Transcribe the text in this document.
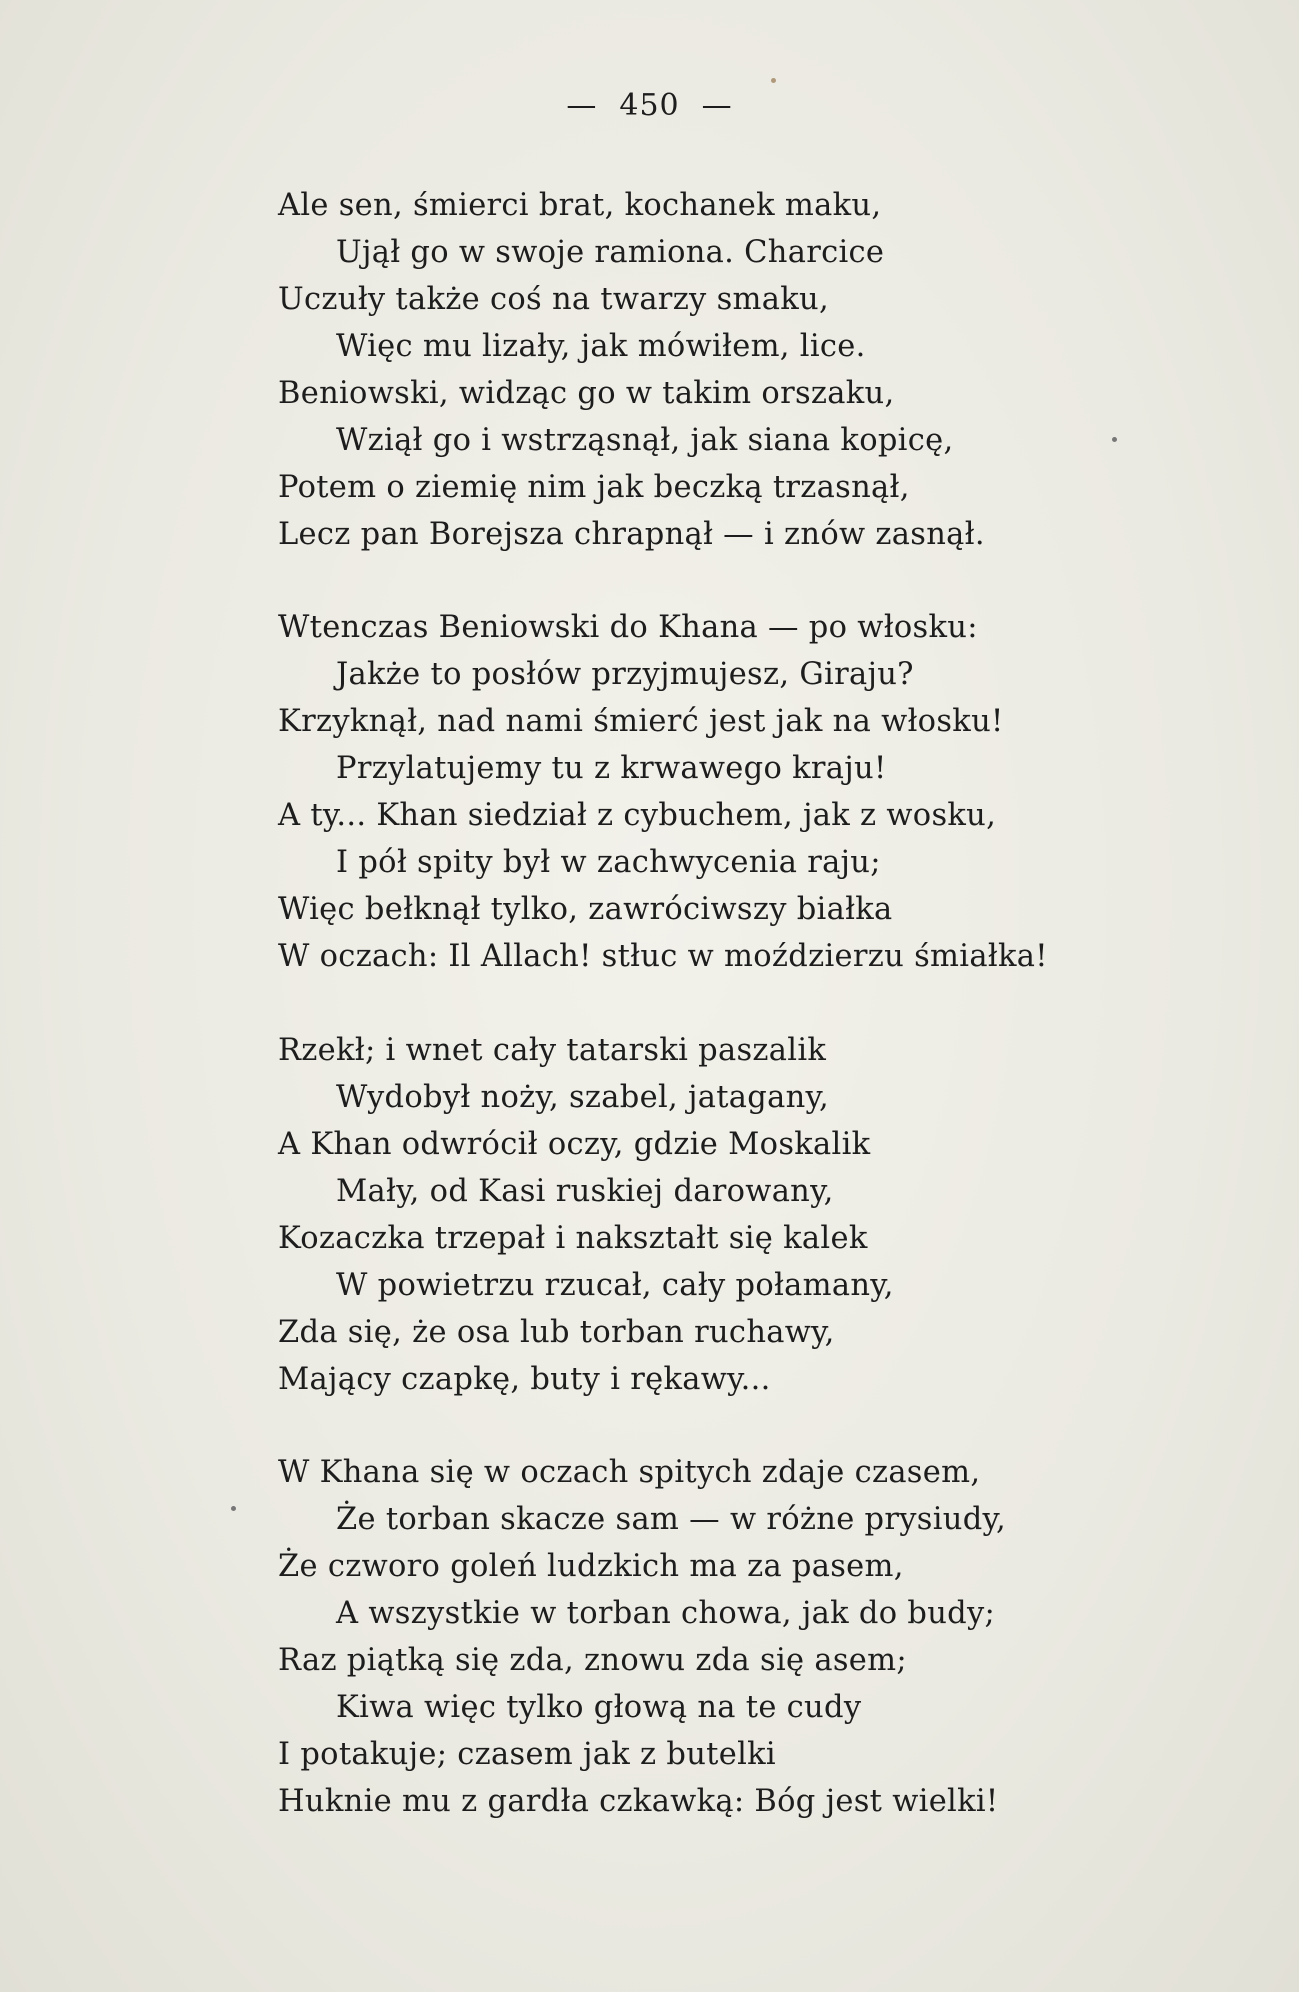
— 450 —
Ale sen, śmierci brat, kochanek maku,
Ujął go w swoje ramiona. Charcice
Uczuły także coś na twarzy smaku,
Więc mu lizały, jak mówiłem, lice.
Beniowski, widząc go w takim orszaku,
Wziął go i wstrząsnął, jak siana kopicę,
Potem o ziemię nim jak beczką trzasnął,
Lecz pan Borejsza chrapnął — i znów zasnął.
Wtenczas Beniowski do Khana — po włosku:
Jakże to posłów przyjmujesz, Giraju?
Krzyknął, nad nami śmierć jest jak na włosku!
Przylatujemy tu z krwawego kraju!
A ty... Khan siedział z cybuchem, jak z wosku,
I pół spity był w zachwycenia raju;
Więc bełknął tylko, zawróciwszy białka
W oczach: Il Allach! stłuc w moździerzu śmiałka!
Rzekł; i wnet cały tatarski paszalik
Wydobył noży, szabel, jatagany,
A Khan odwrócił oczy, gdzie Moskalik
Mały, od Kasi ruskiej darowany,
Kozaczka trzepał i nakształt się kalek
W powietrzu rzucał, cały połamany,
Zda się, że osa lub torban ruchawy,
Mający czapkę, buty i rękawy...
W Khana się w oczach spitych zdaje czasem,
Że torban skacze sam — w różne prysiudy,
Że czworo goleń ludzkich ma za pasem,
A wszystkie w torban chowa, jak do budy;
Raz piątką się zda, znowu zda się asem;
Kiwa więc tylko głową na te cudy
I potakuje; czasem jak z butelki
Huknie mu z gardła czkawką: Bóg jest wielki!
